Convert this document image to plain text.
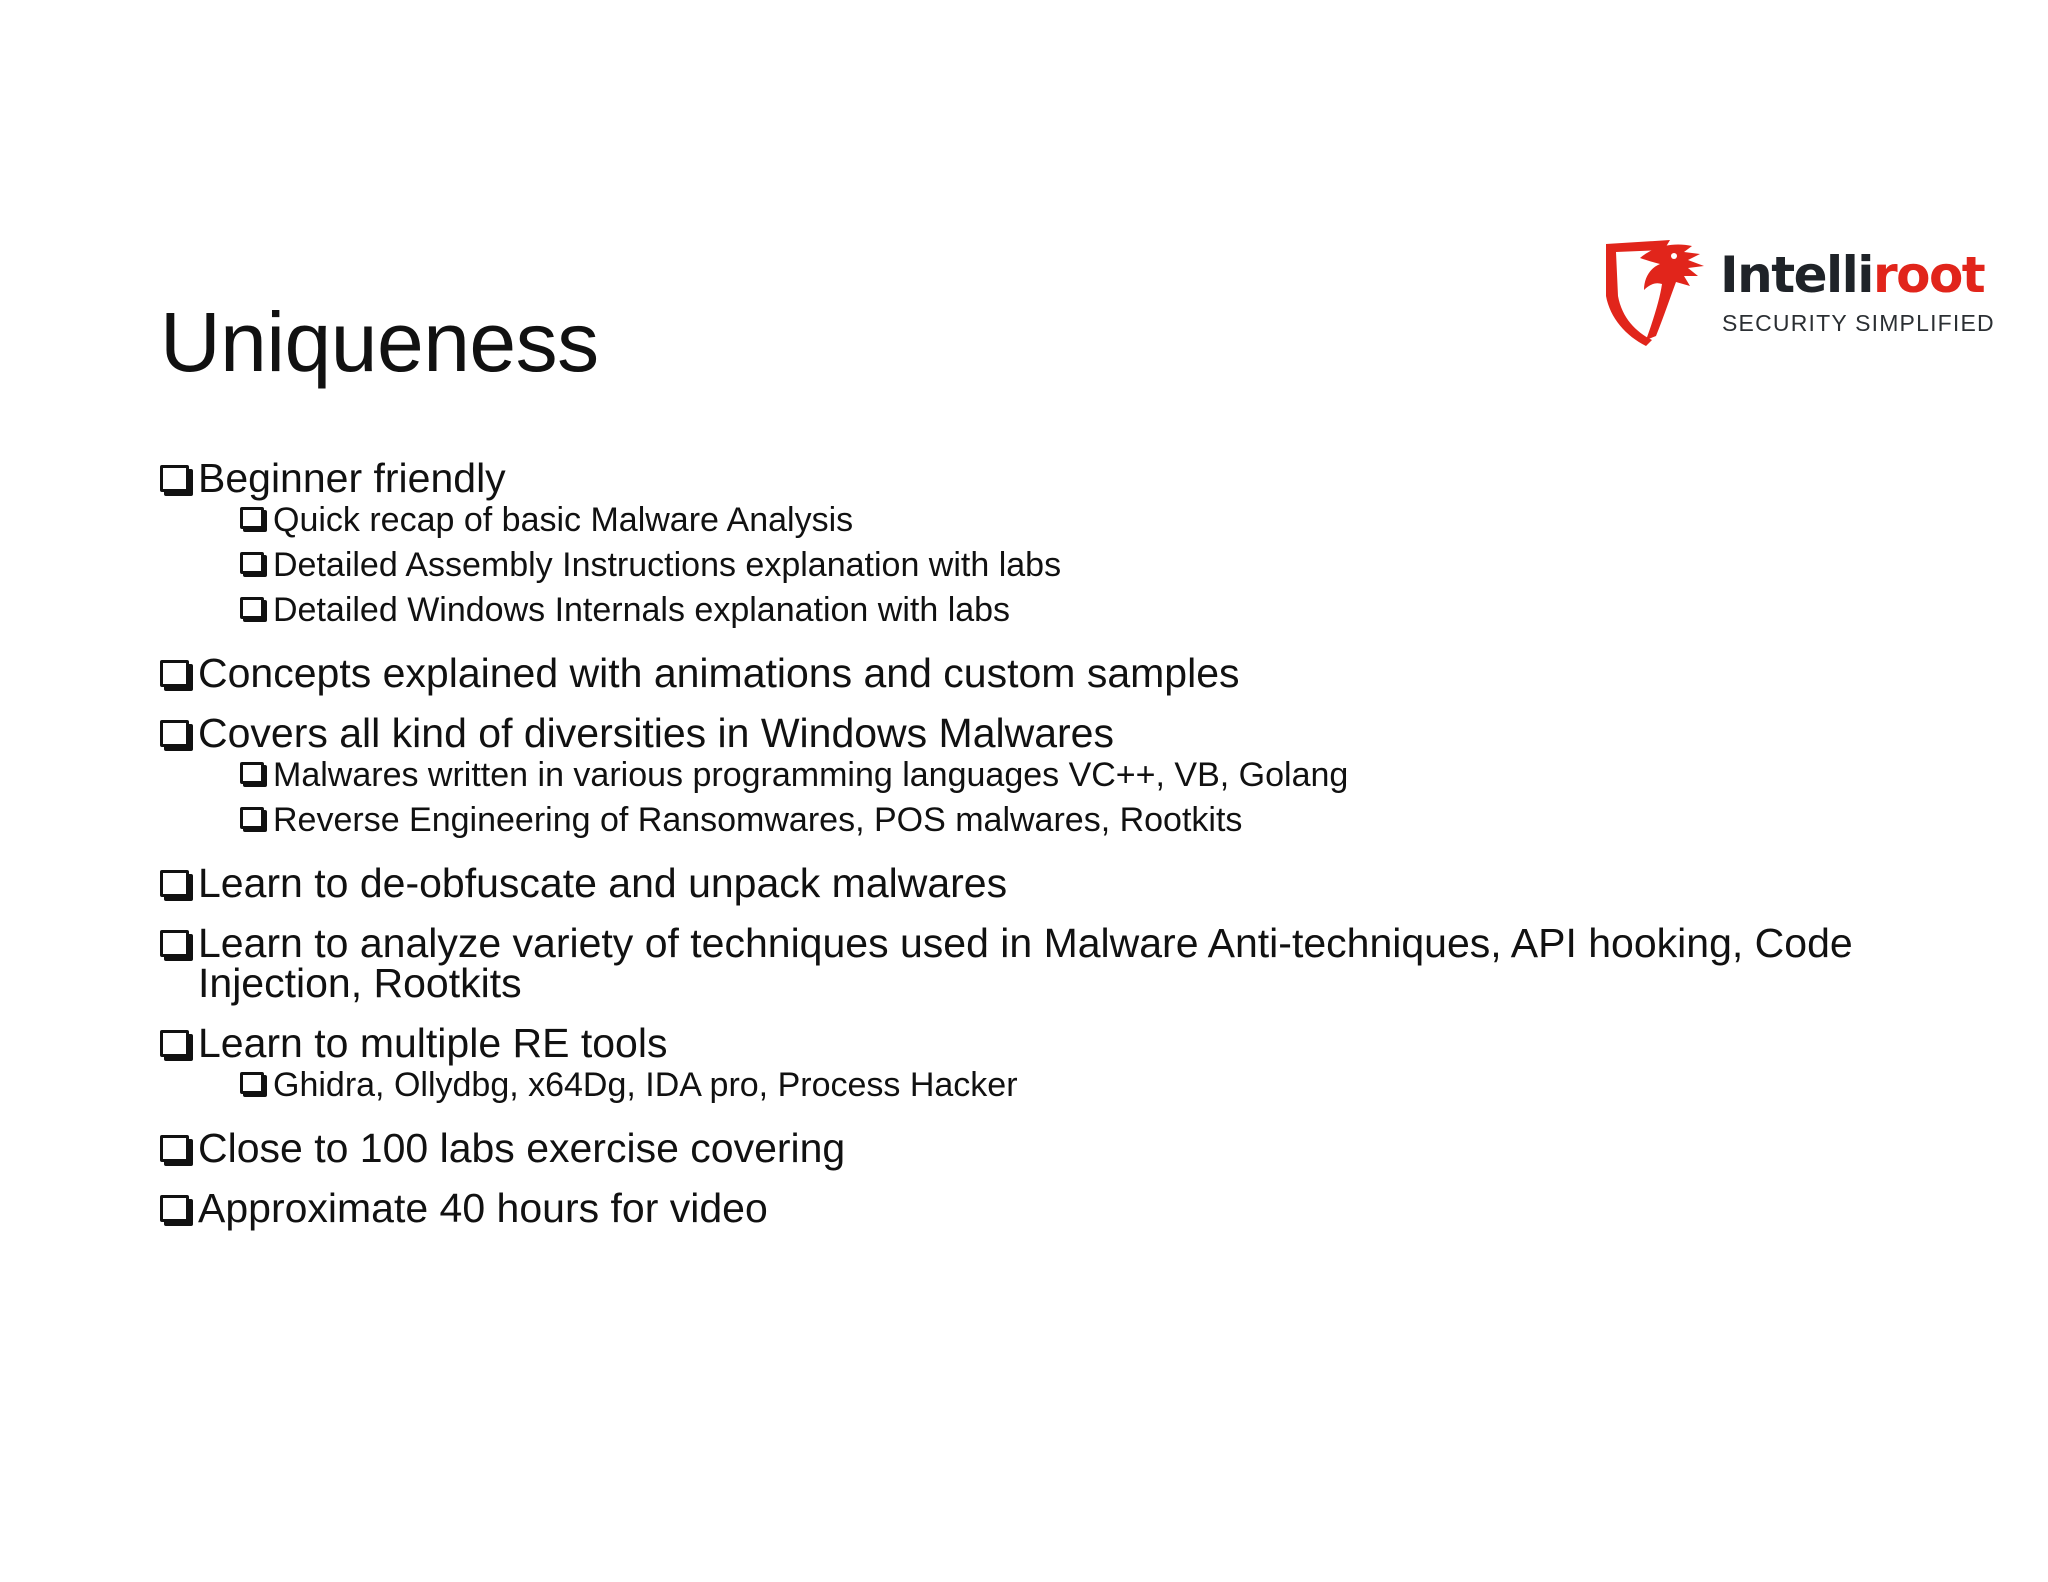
Uniqueness
Intelliroot
SECURITY SIMPLIFIED
Beginner friendly
Quick recap of basic Malware Analysis
Detailed Assembly Instructions explanation with labs
Detailed Windows Internals explanation with labs
Concepts explained with animations and custom samples
Covers all kind of diversities in Windows Malwares
Malwares written in various programming languages VC++, VB, Golang
Reverse Engineering of Ransomwares, POS malwares, Rootkits
Learn to de-obfuscate and unpack malwares
Learn to analyze variety of techniques used in Malware Anti-techniques, API hooking, Code Injection, Rootkits
Learn to multiple RE tools
Ghidra, Ollydbg, x64Dg, IDA pro, Process Hacker
Close to 100 labs exercise covering
Approximate 40 hours for video
